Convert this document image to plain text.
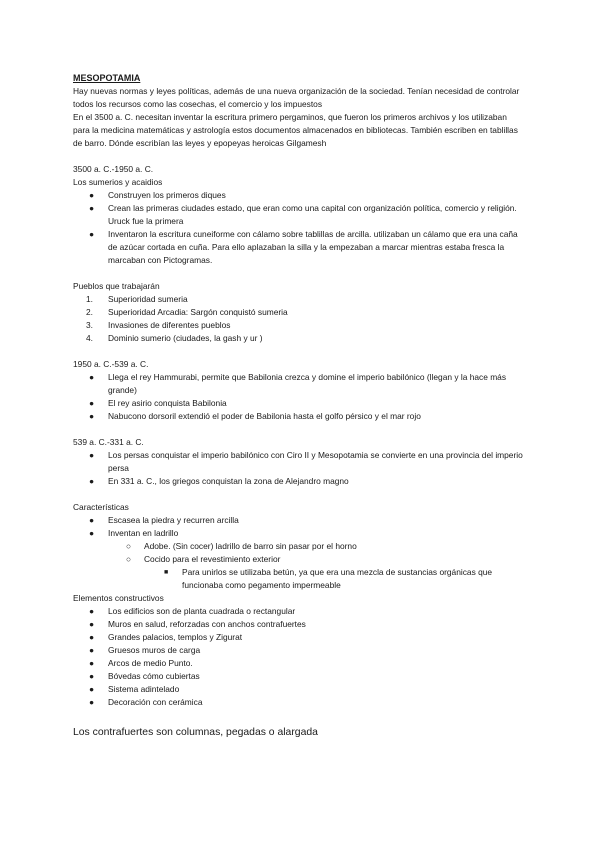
MESOPOTAMIA

Hay nuevas normas y leyes políticas, además de una nueva organización de la sociedad. Tenían necesidad de controlar todos los recursos como las cosechas, el comercio y los impuestos

En el 3500 a. C. necesitan inventar la escritura primero pergaminos, que fueron los primeros archivos y los utilizaban para la medicina matemáticas y astrología estos documentos almacenados en bibliotecas. También escriben en tablillas de barro. Dónde escribían las leyes y epopeyas heroicas Gilgamesh

3500 a. C.-1950 a. C.

Los sumerios y acaidios

●	Construyen los primeros diques
●	Crean las primeras ciudades estado, que eran como una capital con organización política, comercio y religión. Uruck fue la primera
●	Inventaron la escritura cuneiforme con cálamo sobre tablillas de arcilla. utilizaban un cálamo que era una caña de azúcar cortada en cuña. Para ello aplazaban la silla y la empezaban a marcar mientras estaba fresca la marcaban con Pictogramas.

Pueblos que trabajarán

1.	Superioridad sumeria
2.	Superioridad Arcadia: Sargón conquistó sumeria
3.	Invasiones de diferentes pueblos
4.	Dominio sumerio (ciudades, la gash y ur )

1950 a. C.-539 a. C.

●	Llega el rey Hammurabi, permite que Babilonia crezca y domine el imperio babilónico (llegan y la hace más grande)
●	El rey asirio conquista Babilonia
●	Nabucono dorsoril extendió el poder de Babilonia hasta el golfo pérsico y el mar rojo

539 a. C.-331 a. C.

●	Los persas conquistar el imperio babilónico con Ciro II y Mesopotamia se convierte en una provincia del imperio persa
●	En 331 a. C., los griegos conquistan la zona de Alejandro magno

Características

●	Escasea la piedra y recurren arcilla
●	Inventan en ladrillo
○ Adobe. (Sin cocer) ladrillo de barro sin pasar por el horno
○ Cocido para el revestimiento exterior
■ Para unirlos se utilizaba betún, ya que era una mezcla de sustancias orgánicas que funcionaba como pegamento impermeable

Elementos constructivos

●	Los edificios son de planta cuadrada o rectangular
●	Muros en salud, reforzadas con anchos contrafuertes
●	Grandes palacios, templos y Zigurat
●	Gruesos muros de carga
●	Arcos de medio Punto.
●	Bóvedas cómo cubiertas
●	Sistema adintelado
●	Decoración con cerámica

Los contrafuertes son columnas, pegadas o alargada
